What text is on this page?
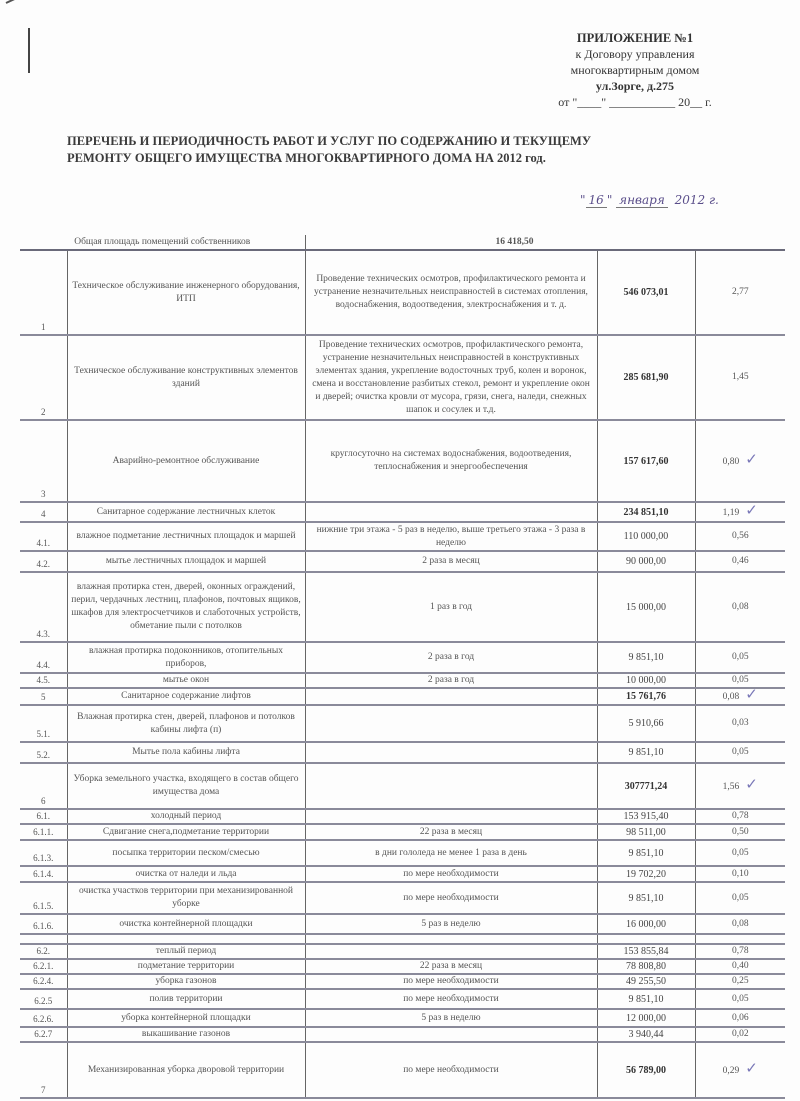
ПРИЛОЖЕНИЕ №1
к Договору управления
многоквартирным домом
ул.Зорге, д.275
от "____" ___________ 20__ г.
ПЕРЕЧЕНЬ И ПЕРИОДИЧНОСТЬ РАБОТ И УСЛУГ ПО СОДЕРЖАНИЮ И ТЕКУЩЕМУ
РЕМОНТУ ОБЩЕГО ИМУЩЕСТВА МНОГОКВАРТИРНОГО ДОМА НА 2012 год.
" 16 " января 2012 г.
Общая площадь помещений собственников		16 418,50		
1	Техническое обслуживание инженерного оборудования, ИТП	Проведение технических осмотров, профилактического ремонта и устранение незначительных неисправностей в системах отопления, водоснабжения, водоотведения, электроснабжения и т. д.	546 073,01	2,77
2	Техническое обслуживание конструктивных элементов зданий	Проведение технических осмотров, профилактического ремонта, устранение незначительных неисправностей в конструктивных элементах здания, укрепление водосточных труб, колен и воронок, смена и восстановление разбитых стекол, ремонт и укрепление окон и дверей; очистка кровли от мусора, грязи, снега, наледи, снежных шапок и сосулек и т.д.	285 681,90	1,45
3	Аварийно-ремонтное обслуживание	круглосуточно на системах водоснабжения, водоотведения, теплоснабжения и энергообеспечения	157 617,60	0,80 ✓
4	Санитарное содержание лестничных клеток		234 851,10	1,19 ✓
4.1.	влажное подметание лестничных площадок и маршей	нижние три этажа - 5 раз в неделю, выше третьего этажа - 3 раза в неделю	110 000,00	0,56
4.2.	мытье лестничных площадок и маршей	2 раза в месяц	90 000,00	0,46
4.3.	влажная протирка стен, дверей, оконных ограждений, перил, чердачных лестниц, плафонов, почтовых ящиков, шкафов для электросчетчиков и слаботочных устройств, обметание пыли с потолков	1 раз в год	15 000,00	0,08
4.4.	влажная протирка подоконников, отопительных приборов,	2 раза в год	9 851,10	0,05
4.5.	мытье окон	2 раза в год	10 000,00	0,05
5	Санитарное содержание лифтов		15 761,76	0,08 ✓
5.1.	Влажная протирка стен, дверей, плафонов и потолков кабины лифта (п)		5 910,66	0,03
5.2.	Мытье пола кабины лифта		9 851,10	0,05
6	Уборка земельного участка, входящего в состав общего имущества дома		307771,24	1,56 ✓
6.1.	холодный период		153 915,40	0,78
6.1.1.	Сдвигание снега,подметание территории	22 раза в месяц	98 511,00	0,50
6.1.3.	посыпка территории песком/смесью	в дни гололеда не менее 1 раза в день	9 851,10	0,05
6.1.4.	очистка от наледи и льда	по мере необходимости	19 702,20	0,10
6.1.5.	очистка участков территории при механизированной уборке	по мере необходимости	9 851,10	0,05
6.1.6.	очистка контейнерной площадки	5 раз в неделю	16 000,00	0,08

6.2.	теплый период		153 855,84	0,78
6.2.1.	подметание территории	22 раза в месяц	78 808,80	0,40
6.2.4.	уборка газонов	по мере необходимости	49 255,50	0,25
6.2.5	полив территории	по мере необходимости	9 851,10	0,05
6.2.6.	уборка контейнерной площадки	5 раз в неделю	12 000,00	0,06
6.2.7	выкашивание газонов		3 940,44	0,02
7	Механизированная уборка дворовой территории	по мере необходимости	56 789,00	0,29 ✓
